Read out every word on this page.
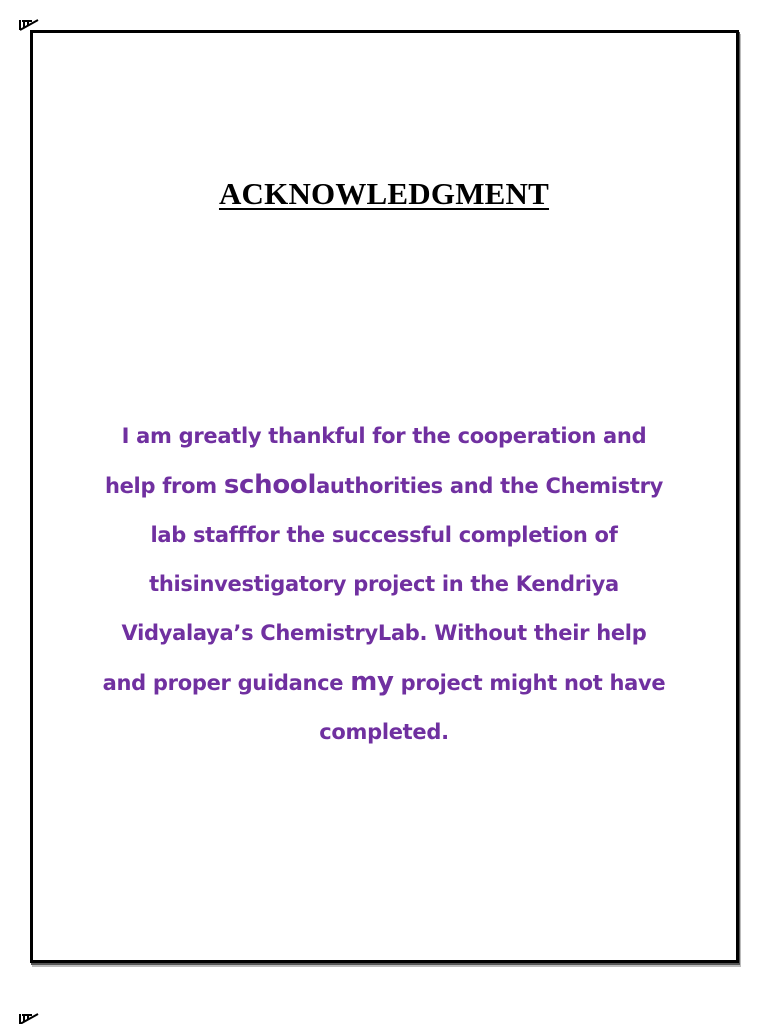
ACKNOWLEDGMENT
I am greatly thankful for the cooperation and
help from schoolauthorities and the Chemistry
lab stafffor the successful completion of
thisinvestigatory project in the Kendriya
Vidyalaya’s ChemistryLab. Without their help
and proper guidance my project might not have
completed.
